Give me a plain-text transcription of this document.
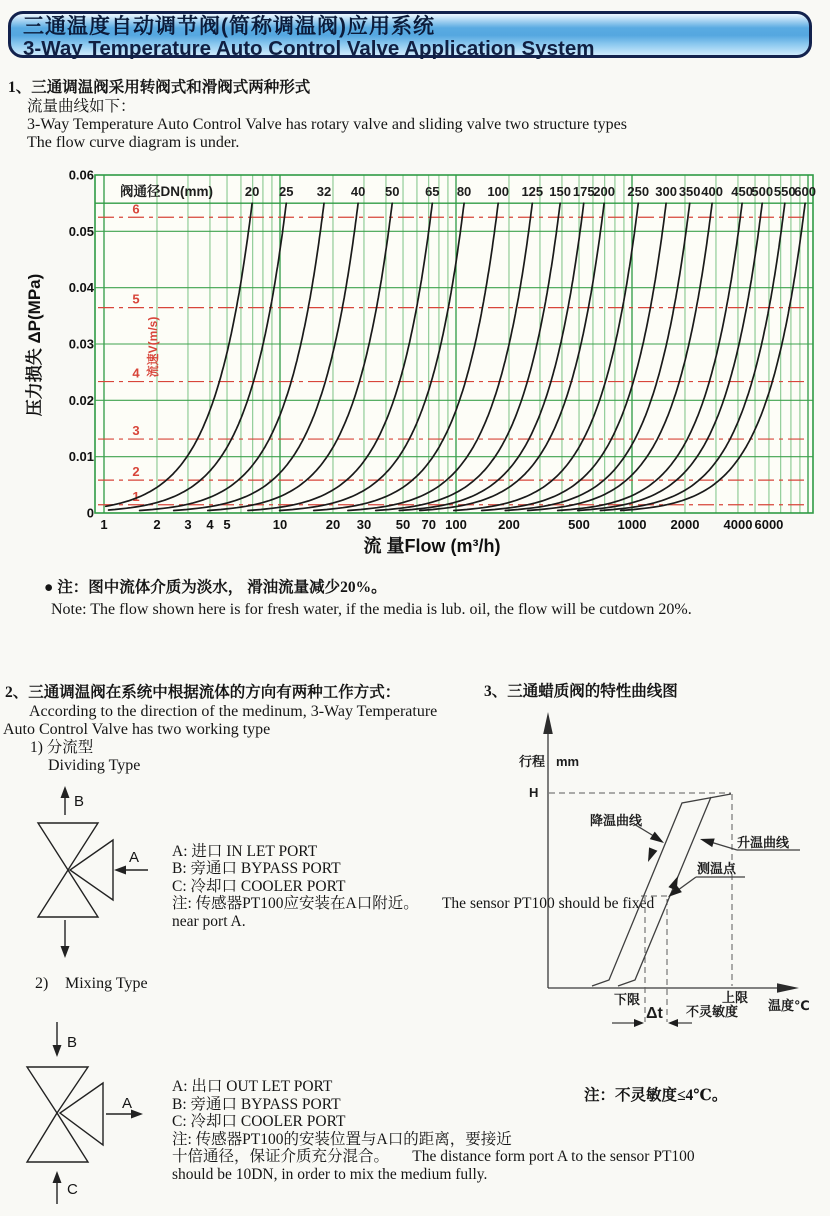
三通温度自动调节阀(简称调温阀)应用系统
3-Way Temperature Auto Control Valve Application System
1、三通调温阀采用转阀式和滑阀式两种形式
流量曲线如下：
3-Way Temperature Auto Control Valve has rotary valve and sliding valve two structure types
The flow curve diagram is under.
1
2
3
4
5
6
流速V(m/s)
20 25 32 40 50 65 80 100 125 150 175
200 250 300 350 400 450
500 550
600
阀通径DN(mm)
0
0.01
0.02
0.03
0.04
0.05
0.06
1	2 3 4 5	10	20 30 50 70 100 200	500 1000 2000 4000 6000
压力损失 ΔP(MPa)
流 量Flow (m³/h)
● 注：图中流体介质为淡水， 滑油流量减少20%。
Note: The flow shown here is for fresh water, if the media is lub. oil, the flow will be cutdown 20%.
2、三通调温阀在系统中根据流体的方向有两种工作方式：
According to the direction of the medinum, 3-Way Temperature
Auto Control Valve has two working type
1) 分流型
Dividing Type
B
A A: 进口 IN LET PORT
B: 旁通口 BYPASS PORT
C: 冷却口 COOLER PORT
注: 传感器PT100应安装在A口附近。 The sensor PT100 should be fixed
near port A.
2) Mixing Type
B
A
C
A: 出口 OUT LET PORT
B: 旁通口 BYPASS PORT
C: 冷却口 COOLER PORT
注: 传感器PT100的安装位置与A口的距离，要接近
十倍通径，保证介质充分混合。 The distance form port A to the sensor PT100
should be 10DN, in order to mix the medium fully.
3、三通蜡质阀的特性曲线图
行程 mm
H
降温曲线
升温曲线
测温点
下限	上限
温度℃
Δt 不灵敏度
注：不灵敏度≤4℃。
